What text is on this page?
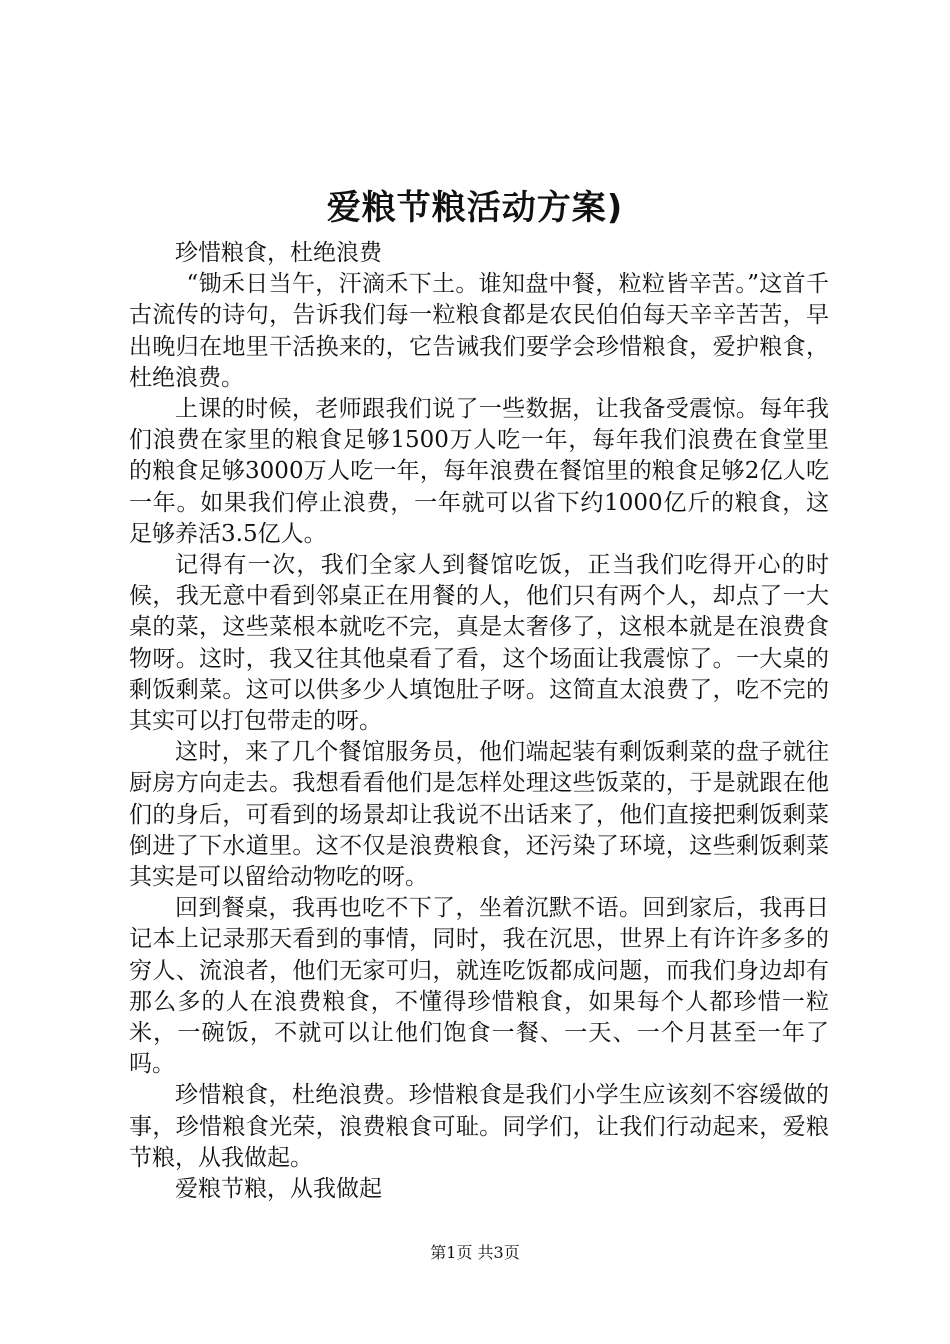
爱粮节粮活动方案)

珍惜粮食，杜绝浪费

“锄禾日当午，汗滴禾下土。谁知盘中餐，粒粒皆辛苦。”这首千古流传的诗句，告诉我们每一粒粮食都是农民伯伯每天辛辛苦苦，早出晚归在地里干活换来的，它告诫我们要学会珍惜粮食，爱护粮食，杜绝浪费。

上课的时候，老师跟我们说了一些数据，让我备受震惊。每年我们浪费在家里的粮食足够1500万人吃一年，每年我们浪费在食堂里的粮食足够3000万人吃一年，每年浪费在餐馆里的粮食足够2亿人吃一年。如果我们停止浪费，一年就可以省下约1000亿斤的粮食，这足够养活3.5亿人。

记得有一次，我们全家人到餐馆吃饭，正当我们吃得开心的时候，我无意中看到邻桌正在用餐的人，他们只有两个人，却点了一大桌的菜，这些菜根本就吃不完，真是太奢侈了，这根本就是在浪费食物呀。这时，我又往其他桌看了看，这个场面让我震惊了。一大桌的剩饭剩菜。这可以供多少人填饱肚子呀。这简直太浪费了，吃不完的其实可以打包带走的呀。

这时，来了几个餐馆服务员，他们端起装有剩饭剩菜的盘子就往厨房方向走去。我想看看他们是怎样处理这些饭菜的，于是就跟在他们的身后，可看到的场景却让我说不出话来了，他们直接把剩饭剩菜倒进了下水道里。这不仅是浪费粮食，还污染了环境，这些剩饭剩菜其实是可以留给动物吃的呀。

回到餐桌，我再也吃不下了，坐着沉默不语。回到家后，我再日记本上记录那天看到的事情，同时，我在沉思，世界上有许许多多的穷人、流浪者，他们无家可归，就连吃饭都成问题，而我们身边却有那么多的人在浪费粮食，不懂得珍惜粮食，如果每个人都珍惜一粒米，一碗饭，不就可以让他们饱食一餐、一天、一个月甚至一年了吗。

珍惜粮食，杜绝浪费。珍惜粮食是我们小学生应该刻不容缓做的事，珍惜粮食光荣，浪费粮食可耻。同学们，让我们行动起来，爱粮节粮，从我做起。

爱粮节粮，从我做起

第1页 共3页
